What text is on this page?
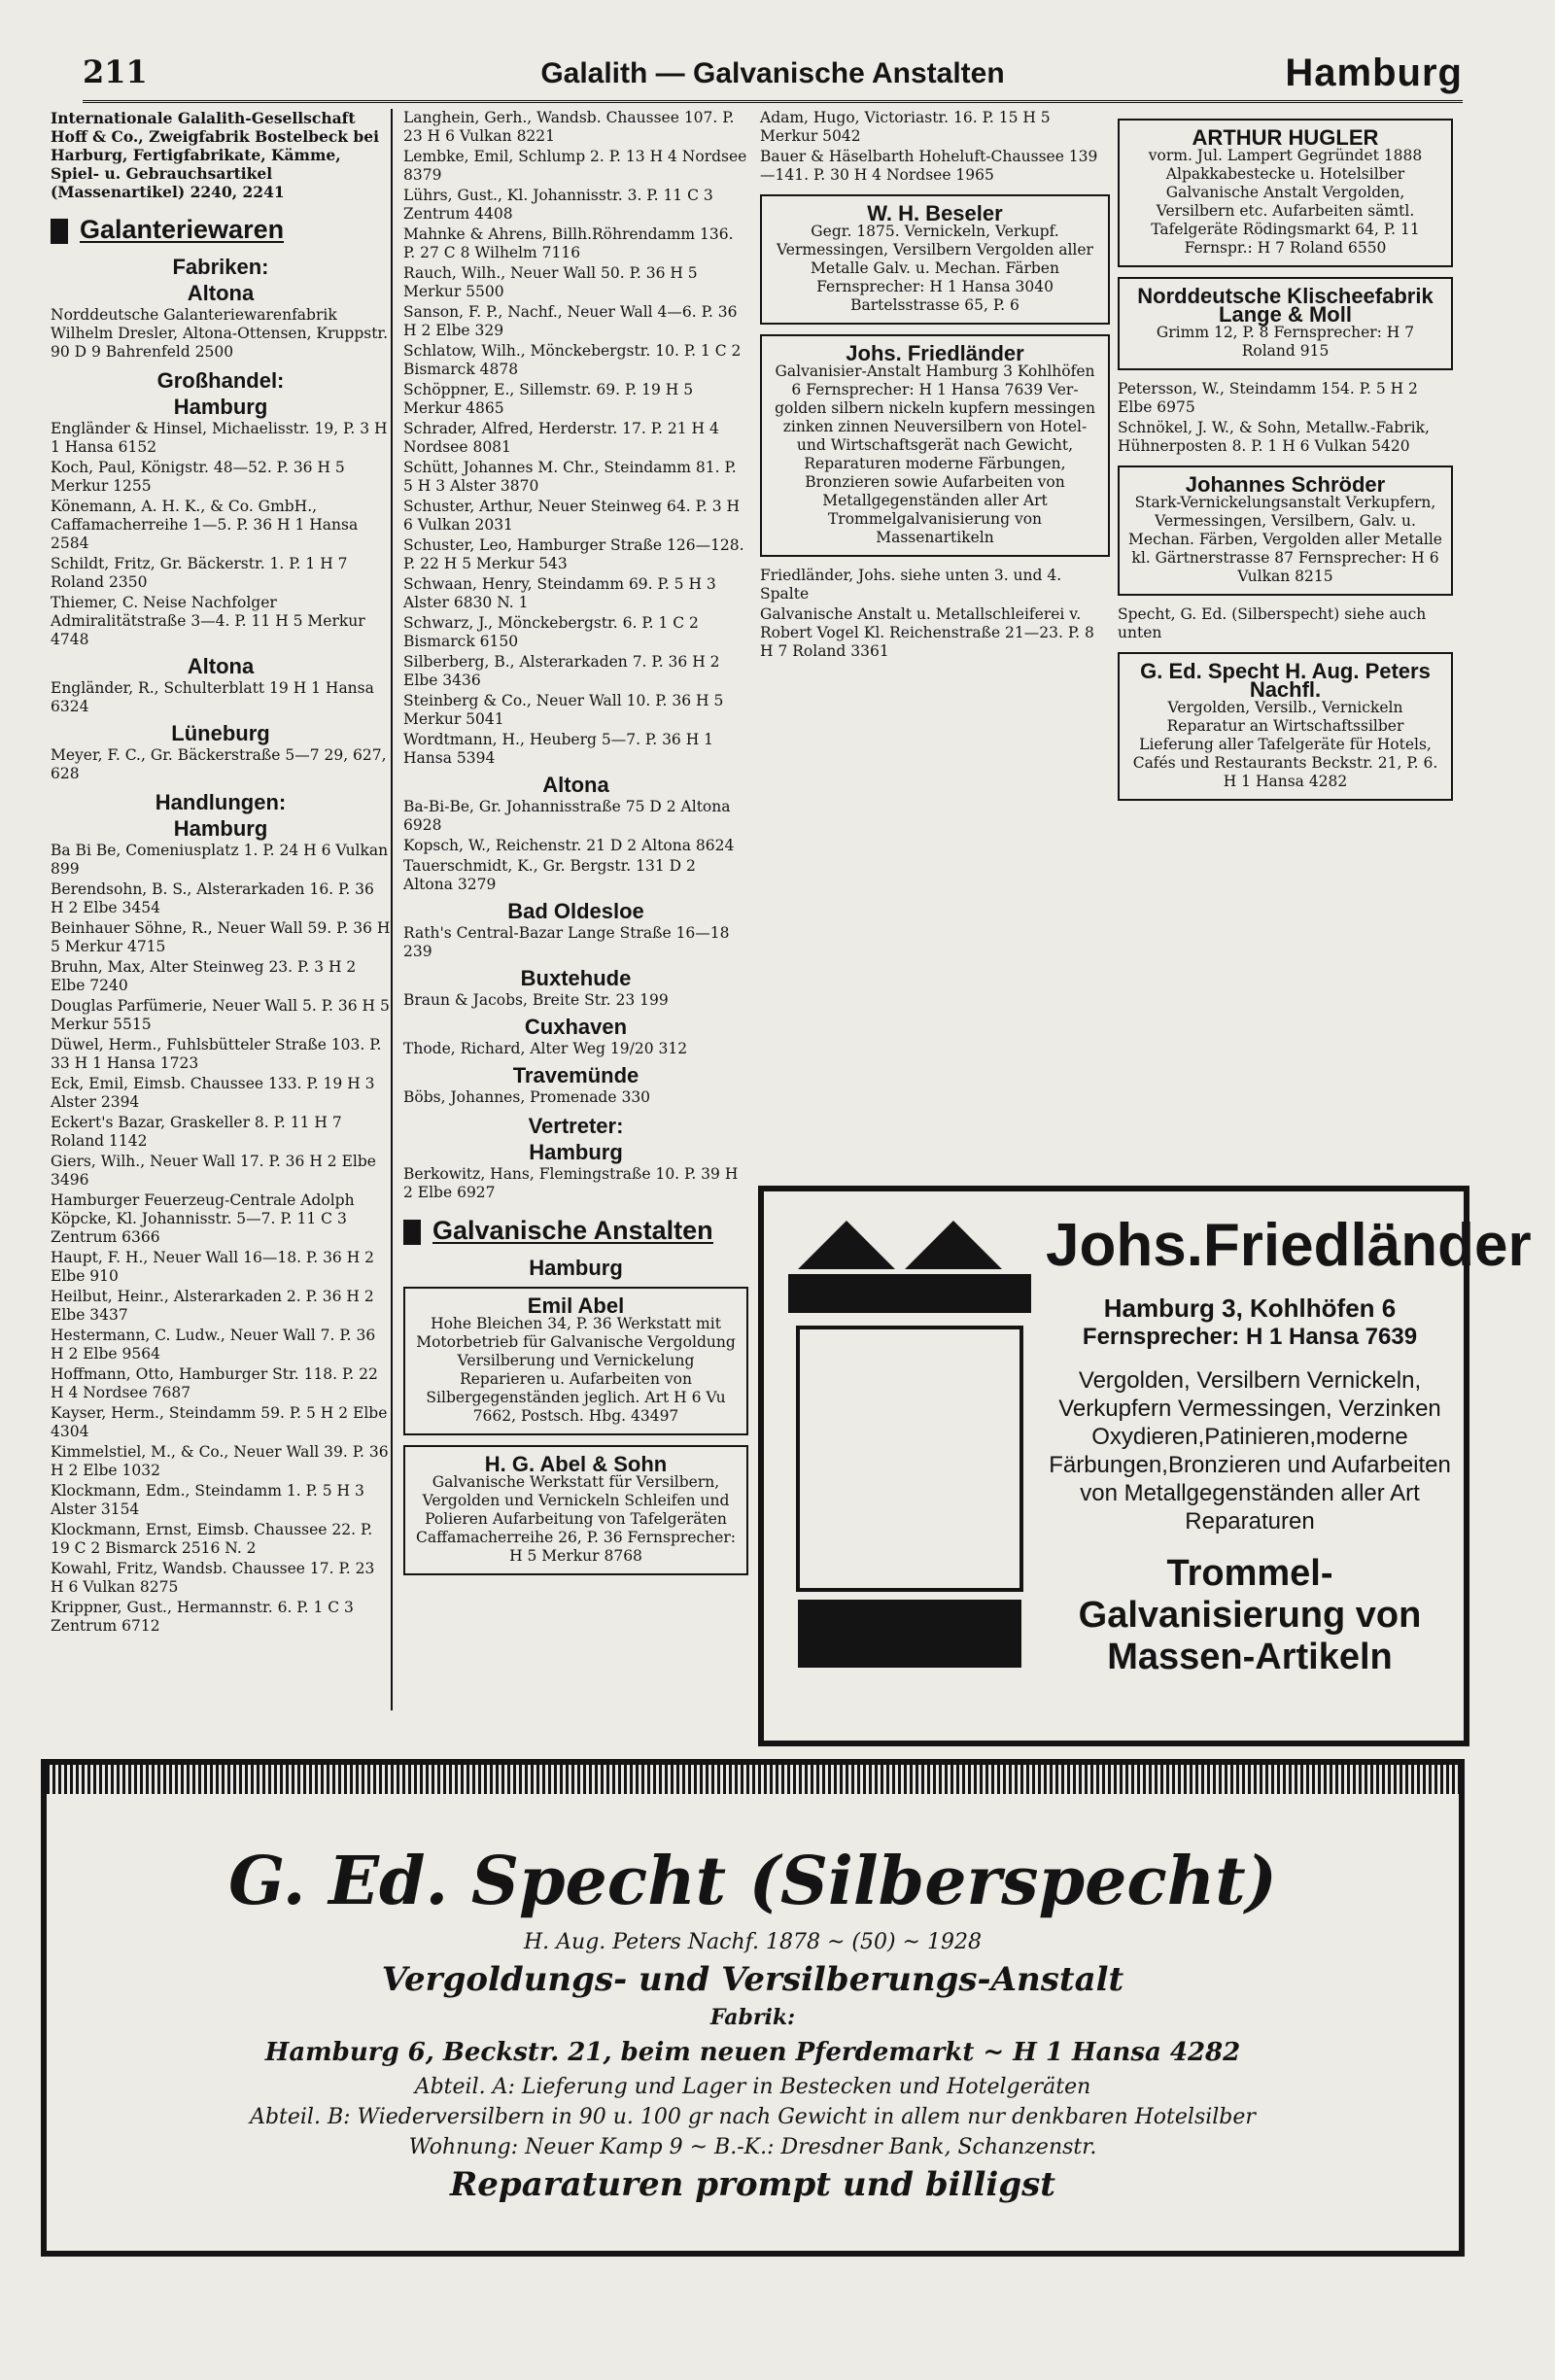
211	Galalith — Galvanische Anstalten	Hamburg
Internationale Galalith-Gesellschaft Hoff & Co., Zweigfabrik Bostelbeck bei Harburg, Fertigfabrikate, Kämme, Spiel- u. Gebrauchsartikel (Massenartikel) 2240, 2241
Galanteriewaren
Fabriken:
Altona
Norddeutsche Galanteriewarenfabrik Wilhelm Dresler, Altona-Ottensen, Kruppstr. 90 D 9 Bahrenfeld 2500
Großhandel:
Hamburg
Engländer & Hinsel, Michaelisstr. 19, P. 3 H 1 Hansa 6152
Koch, Paul, Königstr. 48—52. P. 36 H 5 Merkur 1255
Könemann, A. H. K., & Co. GmbH., Caffamacherreihe 1—5. P. 36 H 1 Hansa 2584
Schildt, Fritz, Gr. Bäckerstr. 1. P. 1 H 7 Roland 2350
Thiemer, C. Neise Nachfolger Admiralitätstraße 3—4. P. 11 H 5 Merkur 4748
Altona
Engländer, R., Schulterblatt 19 H 1 Hansa 6324
Lüneburg
Meyer, F. C., Gr. Bäckerstraße 5—7 29, 627, 628
Handlungen:
Hamburg
Ba Bi Be, Comeniusplatz 1. P. 24 H 6 Vulkan 899
Berendsohn, B. S., Alsterarkaden 16. P. 36 H 2 Elbe 3454
Beinhauer Söhne, R., Neuer Wall 59. P. 36 H 5 Merkur 4715
Bruhn, Max, Alter Steinweg 23. P. 3 H 2 Elbe 7240
Douglas Parfümerie, Neuer Wall 5. P. 36 H 5 Merkur 5515
Düwel, Herm., Fuhlsbütteler Straße 103. P. 33 H 1 Hansa 1723
Eck, Emil, Eimsb. Chaussee 133. P. 19 H 3 Alster 2394
Eckert's Bazar, Graskeller 8. P. 11 H 7 Roland 1142
Giers, Wilh., Neuer Wall 17. P. 36 H 2 Elbe 3496
Hamburger Feuerzeug-Centrale Adolph Köpcke, Kl. Johannisstr. 5—7. P. 11 C 3 Zentrum 6366
Haupt, F. H., Neuer Wall 16—18. P. 36 H 2 Elbe 910
Heilbut, Heinr., Alsterarkaden 2. P. 36 H 2 Elbe 3437
Hestermann, C. Ludw., Neuer Wall 7. P. 36 H 2 Elbe 9564
Hoffmann, Otto, Hamburger Str. 118. P. 22 H 4 Nordsee 7687
Kayser, Herm., Steindamm 59. P. 5 H 2 Elbe 4304
Kimmelstiel, M., & Co., Neuer Wall 39. P. 36 H 2 Elbe 1032
Klockmann, Edm., Steindamm 1. P. 5 H 3 Alster 3154
Klockmann, Ernst, Eimsb. Chaussee 22. P. 19 C 2 Bismarck 2516 N. 2
Kowahl, Fritz, Wandsb. Chaussee 17. P. 23 H 6 Vulkan 8275
Krippner, Gust., Hermannstr. 6. P. 1 C 3 Zentrum 6712
Langhein, Gerh., Wandsb. Chaussee 107. P. 23 H 6 Vulkan 8221
Lembke, Emil, Schlump 2. P. 13 H 4 Nordsee 8379
Lührs, Gust., Kl. Johannisstr. 3. P. 11 C 3 Zentrum 4408
Mahnke & Ahrens, Billh.Röhrendamm 136. P. 27 C 8 Wilhelm 7116
Rauch, Wilh., Neuer Wall 50. P. 36 H 5 Merkur 5500
Sanson, F. P., Nachf., Neuer Wall 4—6. P. 36 H 2 Elbe 329
Schlatow, Wilh., Mönckebergstr. 10. P. 1 C 2 Bismarck 4878
Schöppner, E., Sillemstr. 69. P. 19 H 5 Merkur 4865
Schrader, Alfred, Herderstr. 17. P. 21 H 4 Nordsee 8081
Schütt, Johannes M. Chr., Steindamm 81. P. 5 H 3 Alster 3870
Schuster, Arthur, Neuer Steinweg 64. P. 3 H 6 Vulkan 2031
Schuster, Leo, Hamburger Straße 126—128. P. 22 H 5 Merkur 543
Schwaan, Henry, Steindamm 69. P. 5 H 3 Alster 6830 N. 1
Schwarz, J., Mönckebergstr. 6. P. 1 C 2 Bismarck 6150
Silberberg, B., Alsterarkaden 7. P. 36 H 2 Elbe 3436
Steinberg & Co., Neuer Wall 10. P. 36 H 5 Merkur 5041
Wordtmann, H., Heuberg 5—7. P. 36 H 1 Hansa 5394
Altona
Ba-Bi-Be, Gr. Johannisstraße 75 D 2 Altona 6928
Kopsch, W., Reichenstr. 21 D 2 Altona 8624
Tauerschmidt, K., Gr. Bergstr. 131 D 2 Altona 3279
Bad Oldesloe
Rath's Central-Bazar Lange Straße 16—18 239
Buxtehude
Braun & Jacobs, Breite Str. 23 199
Cuxhaven
Thode, Richard, Alter Weg 19/20 312
Travemünde
Böbs, Johannes, Promenade 330
Vertreter:
Hamburg
Berkowitz, Hans, Flemingstraße 10. P. 39 H 2 Elbe 6927
Galvanische Anstalten
Hamburg
Emil Abel
Hohe Bleichen 34, P. 36 Werkstatt mit Motorbetrieb für Galvanische Vergoldung Versilberung und Vernickelung Reparieren u. Aufarbeiten von Silbergegenständen jeglich. Art H 6 Vu 7662, Postsch. Hbg. 43497
H. G. Abel & Sohn
Galvanische Werkstatt für Versilbern, Vergolden und Vernickeln Schleifen und Polieren Aufarbeitung von Tafelgeräten Caffamacherreihe 26, P. 36 Fernsprecher: H 5 Merkur 8768
Adam, Hugo, Victoriastr. 16. P. 15 H 5 Merkur 5042
Bauer & Häselbarth Hoheluft-Chaussee 139—141. P. 30 H 4 Nordsee 1965
W. H. Beseler
Gegr. 1875. Vernickeln, Verkupf. Vermessingen, Versilbern Vergolden aller Metalle Galv. u. Mechan. Färben Fernsprecher: H 1 Hansa 3040 Bartelsstrasse 65, P. 6
Johs. Friedländer
Galvanisier-Anstalt Hamburg 3 Kohlhöfen 6 Fernsprecher: H 1 Hansa 7639 Ver- golden silbern nickeln kupfern messingen zinken zinnen Neuversilbern von Hotel- und Wirtschaftsgerät nach Gewicht, Reparaturen moderne Färbungen, Bronzieren sowie Aufarbeiten von Metallgegenständen aller Art Trommelgalvanisierung von Massenartikeln
Friedländer, Johs. siehe unten 3. und 4. Spalte
Galvanische Anstalt u. Metallschleiferei v. Robert Vogel Kl. Reichenstraße 21—23. P. 8 H 7 Roland 3361
ARTHUR HUGLER
vorm. Jul. Lampert Gegründet 1888 Alpakkabestecke u. Hotelsilber Galvanische Anstalt Vergolden, Versilbern etc. Aufarbeiten sämtl. Tafelgeräte Rödingsmarkt 64, P. 11 Fernspr.: H 7 Roland 6550
Norddeutsche Klischeefabrik Lange & Moll
Grimm 12, P. 8 Fernsprecher: H 7 Roland 915
Petersson, W., Steindamm 154. P. 5 H 2 Elbe 6975
Schnökel, J. W., & Sohn, Metallw.-Fabrik, Hühnerposten 8. P. 1 H 6 Vulkan 5420
Johannes Schröder
Stark-Vernickelungsanstalt Verkupfern, Vermessingen, Versilbern, Galv. u. Mechan. Färben, Vergolden aller Metalle kl. Gärtnerstrasse 87 Fernsprecher: H 6 Vulkan 8215
Specht, G. Ed. (Silberspecht) siehe auch unten
G. Ed. Specht H. Aug. Peters Nachfl.
Vergolden, Versilb., Vernickeln Reparatur an Wirtschaftssilber Lieferung aller Tafelgeräte für Hotels, Cafés und Restaurants Beckstr. 21, P. 6. H 1 Hansa 4282
Johs.Friedländer
Hamburg 3, Kohlhöfen 6
Fernsprecher: H 1 Hansa 7639
Vergolden, Versilbern Vernickeln, Verkupfern Vermessingen, Verzinken Oxydieren,Patinieren,moderne Färbungen,Bronzieren und Aufarbeiten von Metallgegenständen aller Art Reparaturen
Trommel-Galvanisierung von Massen-Artikeln
G. Ed. Specht (Silberspecht)
H. Aug. Peters Nachf. 1878 ~ (50) ~ 1928
Vergoldungs- und Versilberungs-Anstalt
Fabrik:
Hamburg 6, Beckstr. 21, beim neuen Pferdemarkt ~ H 1 Hansa 4282
Abteil. A: Lieferung und Lager in Bestecken und Hotelgeräten
Abteil. B: Wiederversilbern in 90 u. 100 gr nach Gewicht in allem nur denkbaren Hotelsilber
Wohnung: Neuer Kamp 9 ~ B.-K.: Dresdner Bank, Schanzenstr.
Reparaturen prompt und billigst
